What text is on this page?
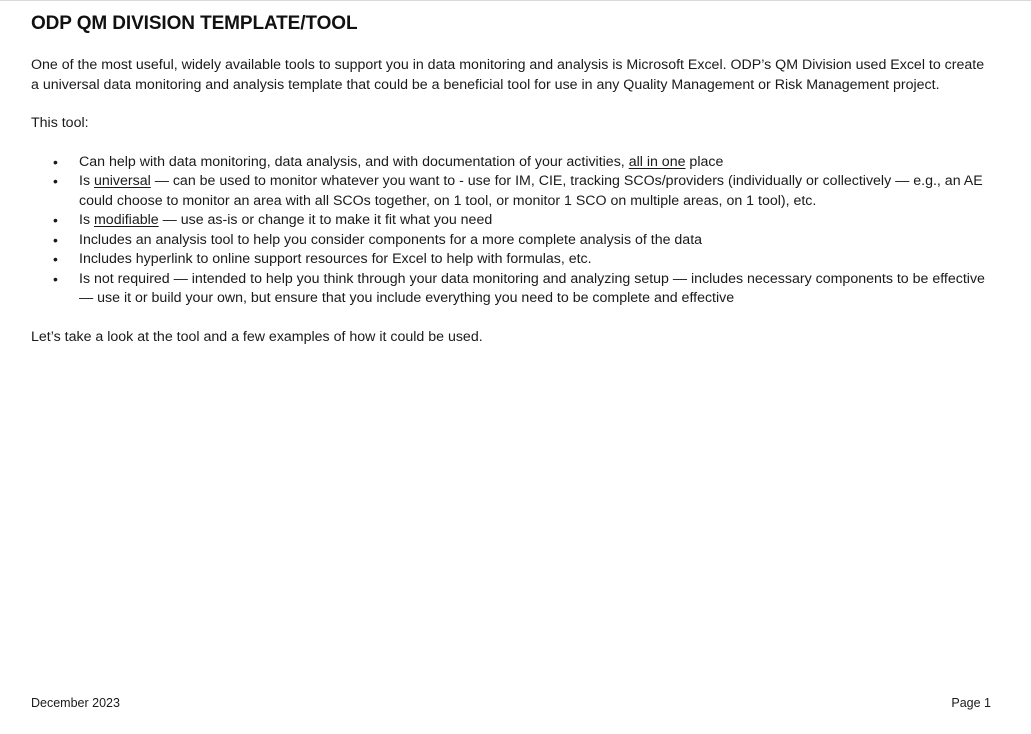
ODP QM DIVISION TEMPLATE/TOOL

One of the most useful, widely available tools to support you in data monitoring and analysis is Microsoft Excel. ODP’s QM Division used Excel to create a universal data monitoring and analysis template that could be a beneficial tool for use in any Quality Management or Risk Management project.

This tool:

• Can help with data monitoring, data analysis, and with documentation of your activities, all in one place
• Is universal — can be used to monitor whatever you want to - use for IM, CIE, tracking SCOs/providers (individually or collectively — e.g., an AE could choose to monitor an area with all SCOs together, on 1 tool, or monitor 1 SCO on multiple areas, on 1 tool), etc.
• Is modifiable — use as-is or change it to make it fit what you need
• Includes an analysis tool to help you consider components for a more complete analysis of the data
• Includes hyperlink to online support resources for Excel to help with formulas, etc.
• Is not required — intended to help you think through your data monitoring and analyzing setup — includes necessary components to be effective — use it or build your own, but ensure that you include everything you need to be complete and effective

Let’s take a look at the tool and a few examples of how it could be used.

December 2023	Page 1
